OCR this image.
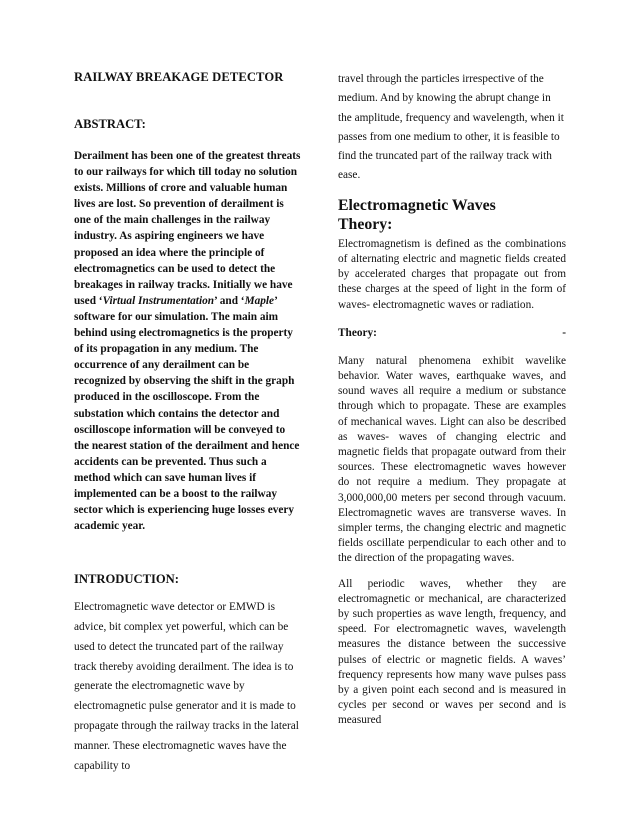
RAILWAY BREAKAGE DETECTOR

ABSTRACT:

Derailment has been one of the greatest threats to our railways for which till today no solution exists. Millions of crore and valuable human lives are lost. So prevention of derailment is one of the main challenges in the railway industry. As aspiring engineers we have proposed an idea where the principle of electromagnetics can be used to detect the breakages in railway tracks. Initially we have used ‘Virtual Instrumentation’ and ‘Maple’ software for our simulation. The main aim behind using electromagnetics is the property of its propagation in any medium. The occurrence of any derailment can be recognized by observing the shift in the graph produced in the oscilloscope. From the substation which contains the detector and oscilloscope information will be conveyed to the nearest station of the derailment and hence accidents can be prevented. Thus such a method which can save human lives if implemented can be a boost to the railway sector which is experiencing huge losses every academic year.

INTRODUCTION:

Electromagnetic wave detector or EMWD is advice, bit complex yet powerful, which can be used to detect the truncated part of the railway track thereby avoiding derailment. The idea is to generate the electromagnetic wave by electromagnetic pulse generator and it is made to propagate through the railway tracks in the lateral manner. These electromagnetic waves have the capability to

travel through the particles irrespective of the medium. And by knowing the abrupt change in the amplitude, frequency and wavelength, when it passes from one medium to other, it is feasible to find the truncated part of the railway track with ease.

Electromagnetic Waves
Theory:

Electromagnetism is defined as the combinations of alternating electric and magnetic fields created by accelerated charges that propagate out from these charges at the speed of light in the form of waves- electromagnetic waves or radiation.

Theory:	-

Many natural phenomena exhibit wavelike behavior. Water waves, earthquake waves, and sound waves all require a medium or substance through which to propagate. These are examples of mechanical waves. Light can also be described as waves- waves of changing electric and magnetic fields that propagate outward from their sources. These electromagnetic waves however do not require a medium. They propagate at 3,000,000,00 meters per second through vacuum. Electromagnetic waves are transverse waves. In simpler terms, the changing electric and magnetic fields oscillate perpendicular to each other and to the direction of the propagating waves.

All periodic waves, whether they are electromagnetic or mechanical, are characterized by such properties as wave length, frequency, and speed. For electromagnetic waves, wavelength measures the distance between the successive pulses of electric or magnetic fields. A waves’ frequency represents how many wave pulses pass by a given point each second and is measured in cycles per second or waves per second and is measured
